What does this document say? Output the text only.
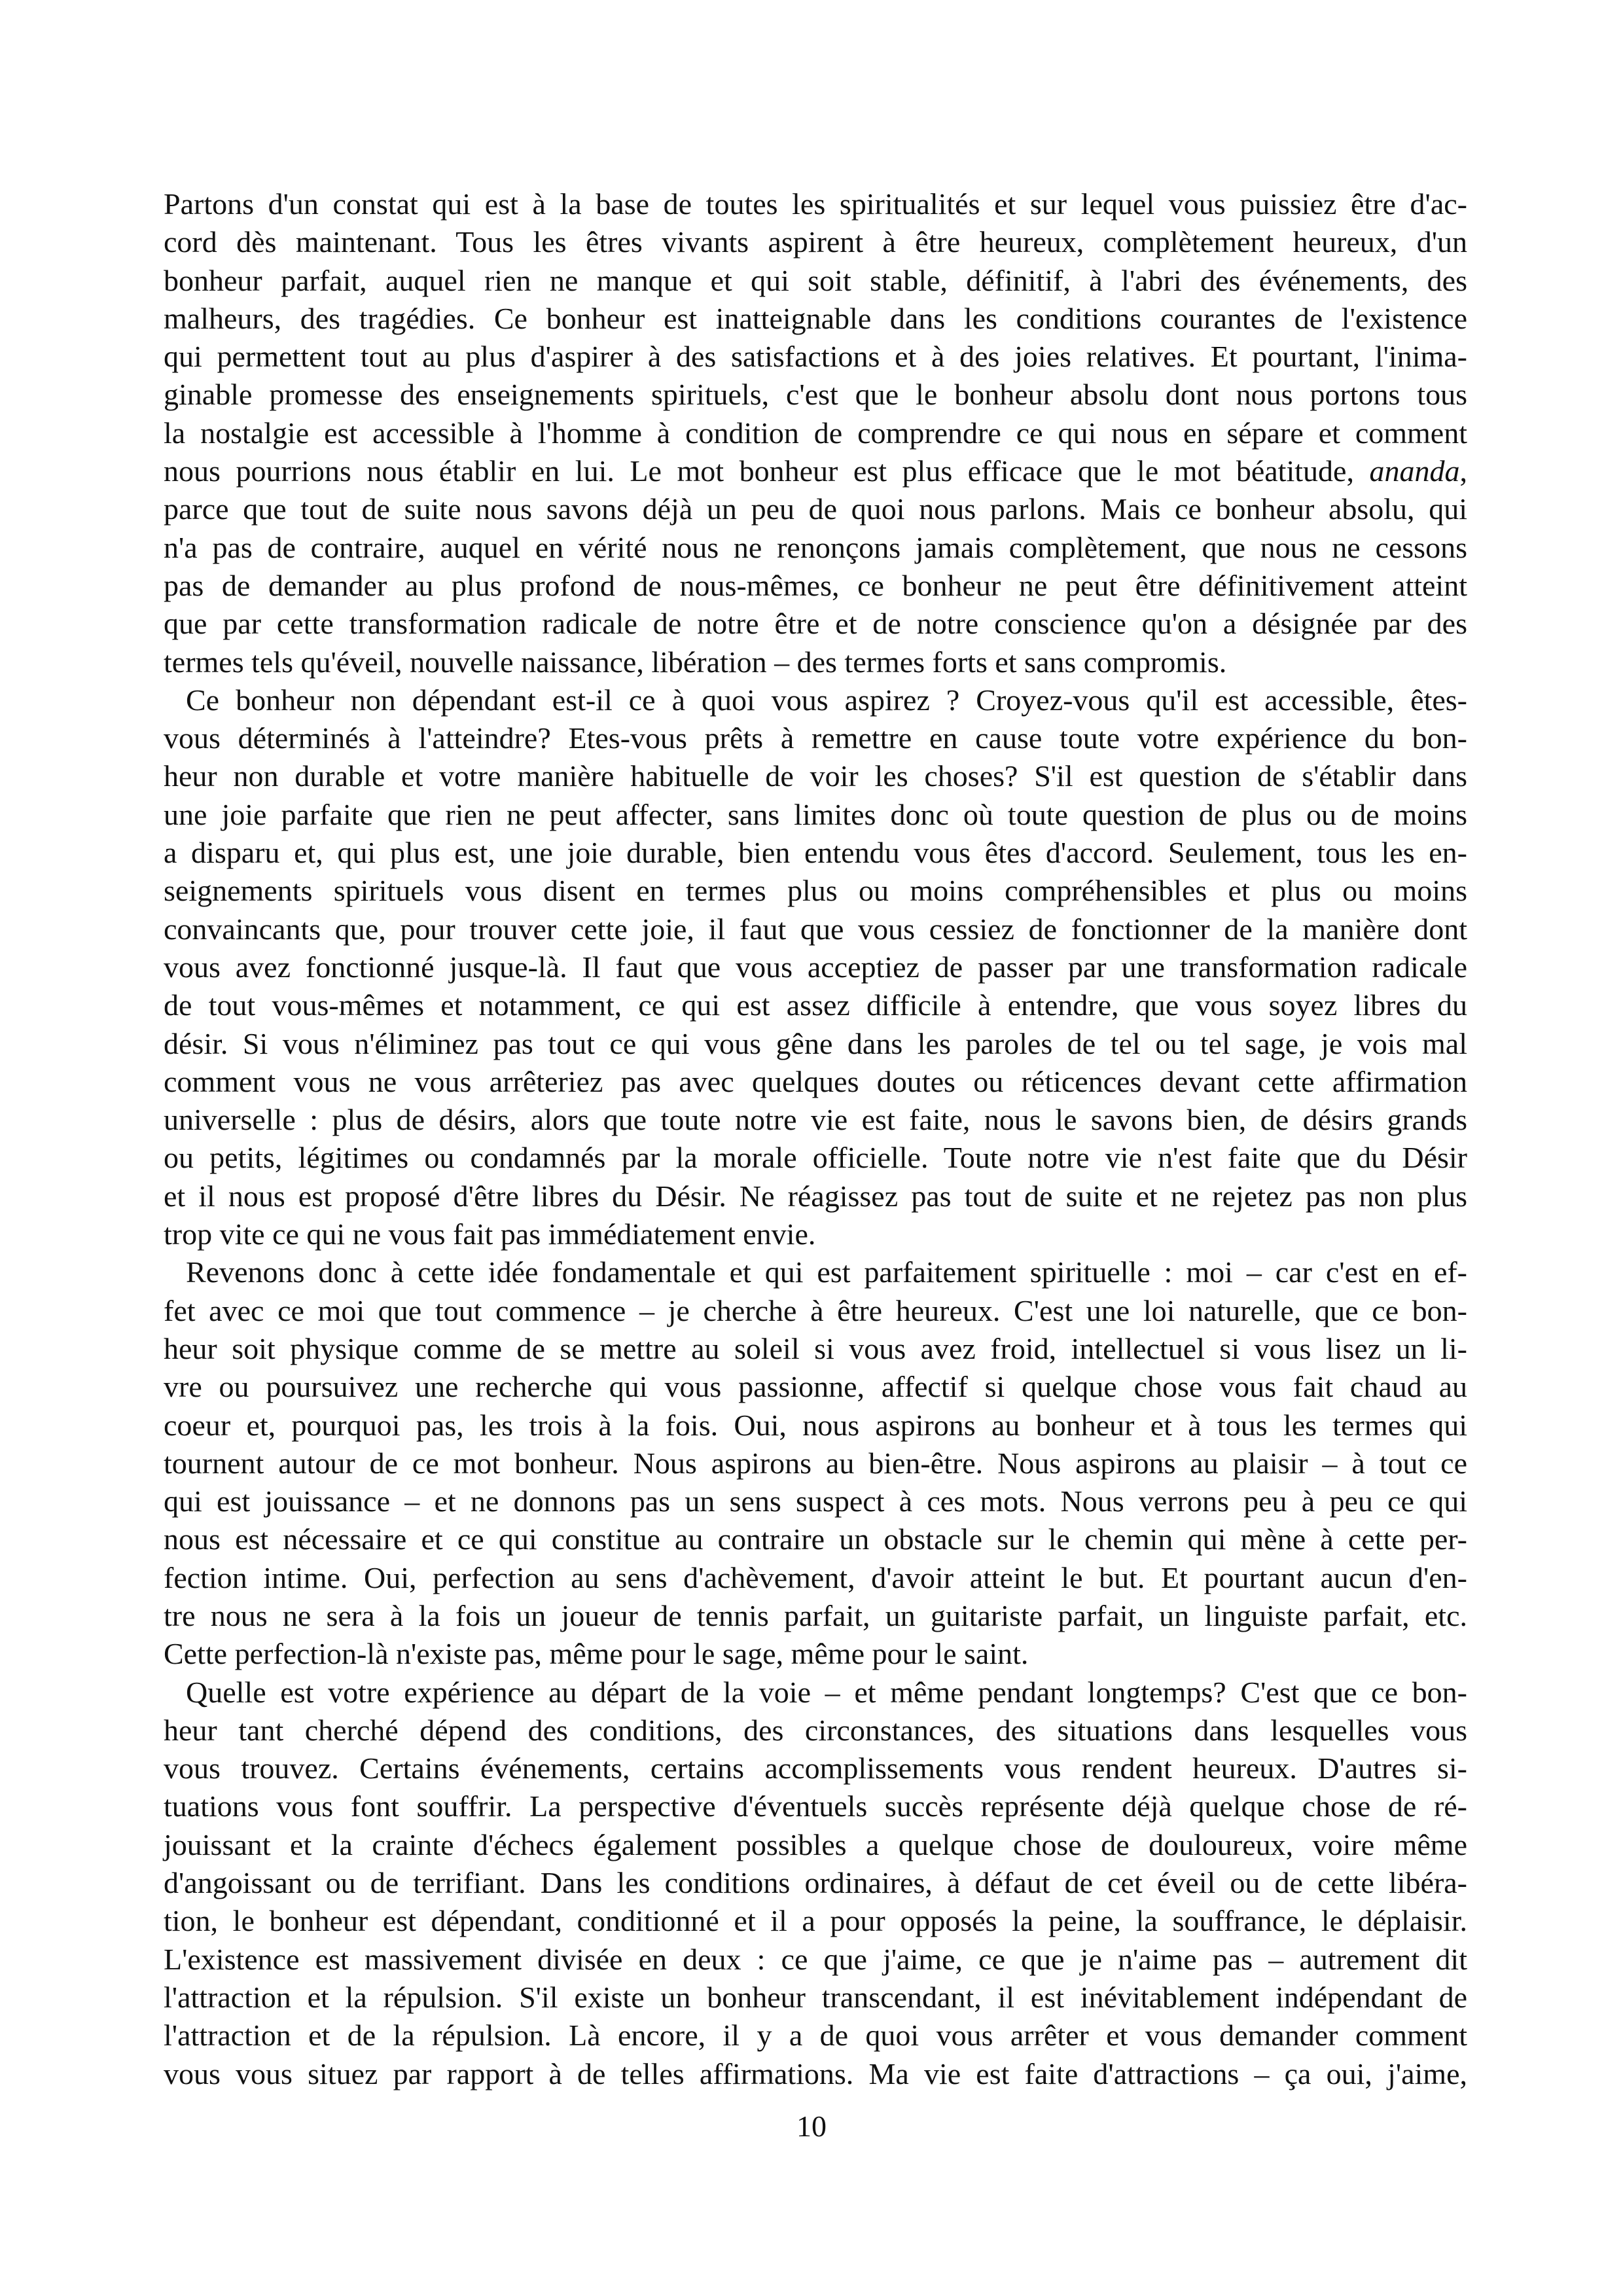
Partons d'un constat qui est à la base de toutes les spiritualités et sur lequel vous puissiez être d'ac-
cord dès maintenant. Tous les êtres vivants aspirent à être heureux, complètement heureux, d'un
bonheur parfait, auquel rien ne manque et qui soit stable, définitif, à l'abri des événements, des
malheurs, des tragédies. Ce bonheur est inatteignable dans les conditions courantes de l'existence
qui permettent tout au plus d'aspirer à des satisfactions et à des joies relatives. Et pourtant, l'inima-
ginable promesse des enseignements spirituels, c'est que le bonheur absolu dont nous portons tous
la nostalgie est accessible à l'homme à condition de comprendre ce qui nous en sépare et comment
nous pourrions nous établir en lui. Le mot bonheur est plus efficace que le mot béatitude, ananda,
parce que tout de suite nous savons déjà un peu de quoi nous parlons. Mais ce bonheur absolu, qui
n'a pas de contraire, auquel en vérité nous ne renonçons jamais complètement, que nous ne cessons
pas de demander au plus profond de nous-mêmes, ce bonheur ne peut être définitivement atteint
que par cette transformation radicale de notre être et de notre conscience qu'on a désignée par des
termes tels qu'éveil, nouvelle naissance, libération – des termes forts et sans compromis.
Ce bonheur non dépendant est-il ce à quoi vous aspirez ? Croyez-vous qu'il est accessible, êtes-
vous déterminés à l'atteindre? Etes-vous prêts à remettre en cause toute votre expérience du bon-
heur non durable et votre manière habituelle de voir les choses? S'il est question de s'établir dans
une joie parfaite que rien ne peut affecter, sans limites donc où toute question de plus ou de moins
a disparu et, qui plus est, une joie durable, bien entendu vous êtes d'accord. Seulement, tous les en-
seignements spirituels vous disent en termes plus ou moins compréhensibles et plus ou moins
convaincants que, pour trouver cette joie, il faut que vous cessiez de fonctionner de la manière dont
vous avez fonctionné jusque-là. Il faut que vous acceptiez de passer par une transformation radicale
de tout vous-mêmes et notamment, ce qui est assez difficile à entendre, que vous soyez libres du
désir. Si vous n'éliminez pas tout ce qui vous gêne dans les paroles de tel ou tel sage, je vois mal
comment vous ne vous arrêteriez pas avec quelques doutes ou réticences devant cette affirmation
universelle : plus de désirs, alors que toute notre vie est faite, nous le savons bien, de désirs grands
ou petits, légitimes ou condamnés par la morale officielle. Toute notre vie n'est faite que du Désir
et il nous est proposé d'être libres du Désir. Ne réagissez pas tout de suite et ne rejetez pas non plus
trop vite ce qui ne vous fait pas immédiatement envie.
Revenons donc à cette idée fondamentale et qui est parfaitement spirituelle : moi – car c'est en ef-
fet avec ce moi que tout commence – je cherche à être heureux. C'est une loi naturelle, que ce bon-
heur soit physique comme de se mettre au soleil si vous avez froid, intellectuel si vous lisez un li-
vre ou poursuivez une recherche qui vous passionne, affectif si quelque chose vous fait chaud au
coeur et, pourquoi pas, les trois à la fois. Oui, nous aspirons au bonheur et à tous les termes qui
tournent autour de ce mot bonheur. Nous aspirons au bien-être. Nous aspirons au plaisir – à tout ce
qui est jouissance – et ne donnons pas un sens suspect à ces mots. Nous verrons peu à peu ce qui
nous est nécessaire et ce qui constitue au contraire un obstacle sur le chemin qui mène à cette per-
fection intime. Oui, perfection au sens d'achèvement, d'avoir atteint le but. Et pourtant aucun d'en-
tre nous ne sera à la fois un joueur de tennis parfait, un guitariste parfait, un linguiste parfait, etc.
Cette perfection-là n'existe pas, même pour le sage, même pour le saint.
Quelle est votre expérience au départ de la voie – et même pendant longtemps? C'est que ce bon-
heur tant cherché dépend des conditions, des circonstances, des situations dans lesquelles vous
vous trouvez. Certains événements, certains accomplissements vous rendent heureux. D'autres si-
tuations vous font souffrir. La perspective d'éventuels succès représente déjà quelque chose de ré-
jouissant et la crainte d'échecs également possibles a quelque chose de douloureux, voire même
d'angoissant ou de terrifiant. Dans les conditions ordinaires, à défaut de cet éveil ou de cette libéra-
tion, le bonheur est dépendant, conditionné et il a pour opposés la peine, la souffrance, le déplaisir.
L'existence est massivement divisée en deux : ce que j'aime, ce que je n'aime pas – autrement dit
l'attraction et la répulsion. S'il existe un bonheur transcendant, il est inévitablement indépendant de
l'attraction et de la répulsion. Là encore, il y a de quoi vous arrêter et vous demander comment
vous vous situez par rapport à de telles affirmations. Ma vie est faite d'attractions – ça oui, j'aime,
10
